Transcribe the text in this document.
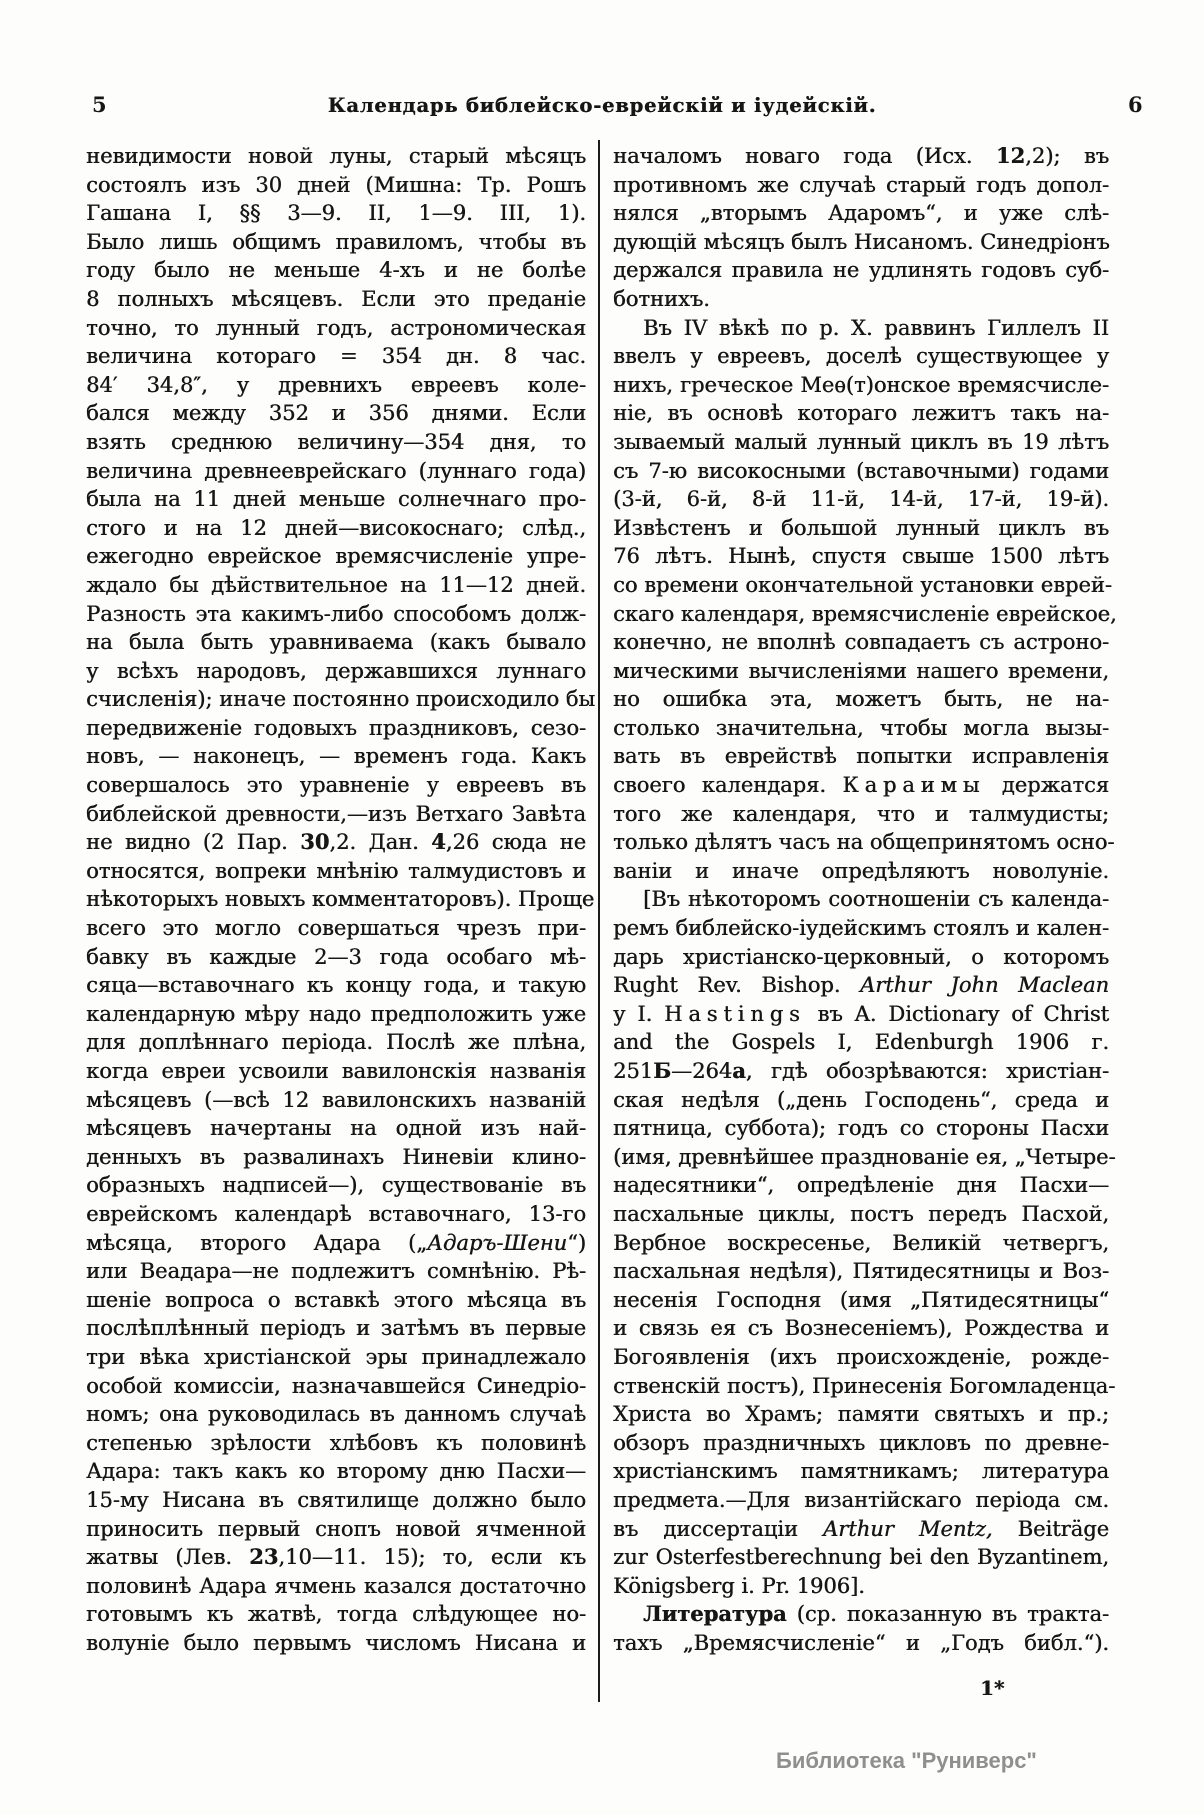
5	Календарь библейско-еврейскій и іудейскій.	6
невидимости новой луны, старый мѣсяцъ
состоялъ изъ 30 дней (Мишна: Тр. Рошъ
Гашана I, §§ 3—9. II, 1—9. III, 1).
Было лишь общимъ правиломъ, чтобы въ
году было не меньше 4-хъ и не болѣе
8 полныхъ мѣсяцевъ. Если это преданіе
точно, то лунный годъ, астрономическая
величина котораго = 354 дн. 8 час.
84′ 34,8″, у древнихъ евреевъ коле-
бался между 352 и 356 днями. Если
взять среднюю величину—354 дня, то
величина древнееврейскаго (луннаго года)
была на 11 дней меньше солнечнаго про-
стого и на 12 дней—високоснаго; слѣд.,
ежегодно еврейское времясчисленіе упре-
ждало бы дѣйствительное на 11—12 дней.
Разность эта какимъ-либо способомъ долж-
на была быть уравниваема (какъ бывало
у всѣхъ народовъ, державшихся луннаго
счисленія); иначе постоянно происходило бы
передвиженіе годовыхъ праздниковъ, сезо-
новъ, — наконецъ, — временъ года. Какъ
совершалось это уравненіе у евреевъ въ
библейской древности,—изъ Ветхаго Завѣта
не видно (2 Пар. 30,2. Дан. 4,26 сюда не
относятся, вопреки мнѣнію талмудистовъ и
нѣкоторыхъ новыхъ комментаторовъ). Проще
всего это могло совершаться чрезъ при-
бавку въ каждые 2—3 года особаго мѣ-
сяца—вставочнаго къ концу года, и такую
календарную мѣру надо предположить уже
для доплѣннаго періода. Послѣ же плѣна,
когда евреи усвоили вавилонскія названія
мѣсяцевъ (—всѣ 12 вавилонскихъ названій
мѣсяцевъ начертаны на одной изъ най-
денныхъ въ развалинахъ Ниневіи клино-
образныхъ надписей—), существованіе въ
еврейскомъ календарѣ вставочнаго, 13-го
мѣсяца, второго Адара („Адаръ-Шени“)
или Веадара—не подлежитъ сомнѣнію. Рѣ-
шеніе вопроса о вставкѣ этого мѣсяца въ
послѣплѣнный періодъ и затѣмъ въ первые
три вѣка христіанской эры принадлежало
особой комиссіи, назначавшейся Синедріо-
номъ; она руководилась въ данномъ случаѣ
степенью зрѣлости хлѣбовъ къ половинѣ
Адара: такъ какъ ко второму дню Пасхи—
15-му Нисана въ святилище должно было
приносить первый снопъ новой ячменной
жатвы (Лев. 23,10—11. 15); то, если къ
половинѣ Адара ячмень казался достаточно
готовымъ къ жатвѣ, тогда слѣдующее но-
волуніе было первымъ числомъ Нисана и
началомъ новаго года (Исх. 12,2); въ
противномъ же случаѣ старый годъ допол-
нялся „вторымъ Адаромъ“, и уже слѣ-
дующій мѣсяцъ былъ Нисаномъ. Синедріонъ
держался правила не удлинять годовъ суб-
ботнихъ.
Въ IV вѣкѣ по р. Х. раввинъ Гиллелъ II
ввелъ у евреевъ, доселѣ существующее у
нихъ, греческое Меѳ(т)онское времясчисле-
ніе, въ основѣ котораго лежитъ такъ на-
зываемый малый лунный циклъ въ 19 лѣтъ
съ 7-ю високосными (вставочными) годами
(3-й, 6-й, 8-й 11-й, 14-й, 17-й, 19-й).
Извѣстенъ и большой лунный циклъ въ
76 лѣтъ. Нынѣ, спустя свыше 1500 лѣтъ
со времени окончательной установки еврей-
скаго календаря, времясчисленіе еврейское,
конечно, не вполнѣ совпадаетъ съ астроно-
мическими вычисленіями нашего времени,
но ошибка эта, можетъ быть, не на-
столько значительна, чтобы могла вызы-
вать въ еврействѣ попытки исправленія
своего календаря. Караимы держатся
того же календаря, что и талмудисты;
только дѣлятъ часъ на общепринятомъ осно-
ваніи и иначе опредѣляютъ новолуніе.
[Въ нѣкоторомъ соотношеніи съ календа-
ремъ библейско-іудейскимъ стоялъ и кален-
дарь христіанско-церковный, о которомъ
Rught Rev. Bishop. Arthur John Maclean
у I. Hastings въ A. Dictionary of Christ
and the Gospels I, Edenburgh 1906 г.
251Б—264а, гдѣ обозрѣваются: христіан-
ская недѣля („день Господень“, среда и
пятница, суббота); годъ со стороны Пасхи
(имя, древнѣйшее празднованіе ея, „Четыре-
надесятники“, опредѣленіе дня Пасхи—
пасхальные циклы, постъ передъ Пасхой,
Вербное воскресенье, Великій четвергъ,
пасхальная недѣля), Пятидесятницы и Воз-
несенія Господня (имя „Пятидесятницы“
и связь ея съ Вознесеніемъ), Рождества и
Богоявленія (ихъ происхожденіе, рожде-
ственскій постъ), Принесенія Богомладенца-
Христа во Храмъ; памяти святыхъ и пр.;
обзоръ праздничныхъ цикловъ по древне-
христіанскимъ памятникамъ; литература
предмета.—Для византійскаго періода см.
въ диссертаціи Arthur Mentz, Beiträge
zur Osterfestberechnung bei den Byzantinem,
Königsberg i. Pr. 1906].
Литература (ср. показанную въ тракта-
тахъ „Времясчисленіе“ и „Годъ библ.“).
1*
Библиотека "Руниверс"
